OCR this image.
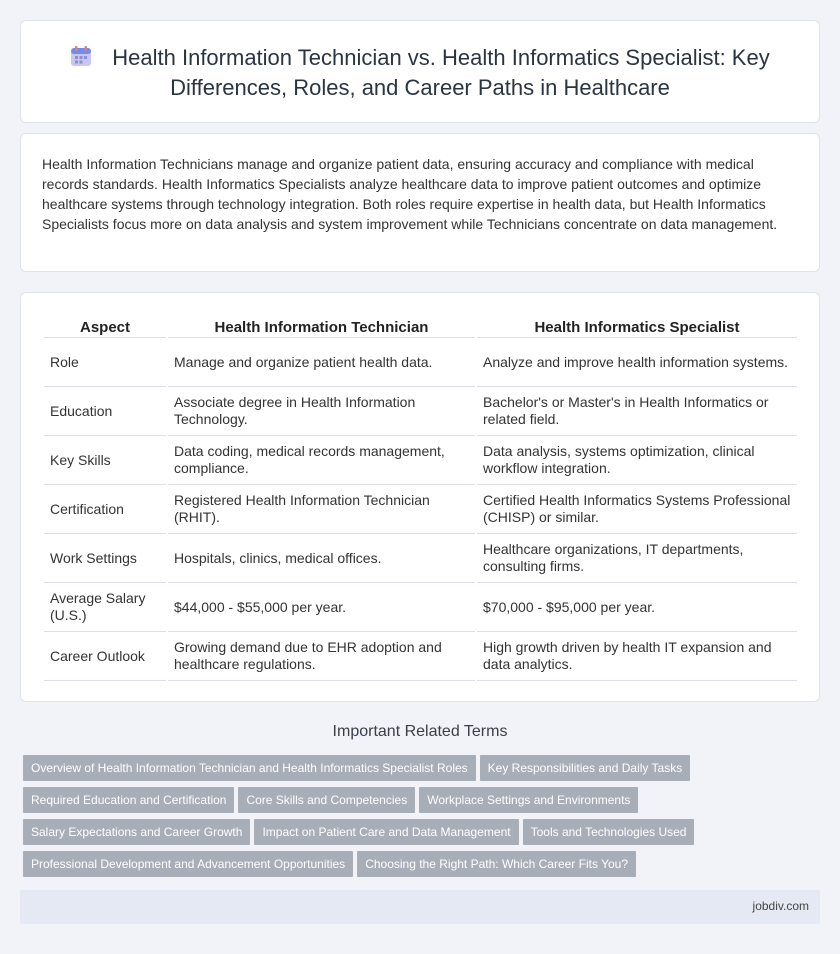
Health Information Technician vs. Health Informatics Specialist: Key Differences, Roles, and Career Paths in Healthcare

Health Information Technicians manage and organize patient data, ensuring accuracy and compliance with medical records standards. Health Informatics Specialists analyze healthcare data to improve patient outcomes and optimize healthcare systems through technology integration. Both roles require expertise in health data, but Health Informatics Specialists focus more on data analysis and system improvement while Technicians concentrate on data management.

Aspect	Health Information Technician	Health Informatics Specialist
Role	Manage and organize patient health data.	Analyze and improve health information systems.
Education	Associate degree in Health Information Technology.	Bachelor's or Master's in Health Informatics or related field.
Key Skills	Data coding, medical records management, compliance.	Data analysis, systems optimization, clinical workflow integration.
Certification	Registered Health Information Technician (RHIT).	Certified Health Informatics Systems Professional (CHISP) or similar.
Work Settings	Hospitals, clinics, medical offices.	Healthcare organizations, IT departments, consulting firms.
Average Salary (U.S.)	$44,000 - $55,000 per year.	$70,000 - $95,000 per year.
Career Outlook	Growing demand due to EHR adoption and healthcare regulations.	High growth driven by health IT expansion and data analytics.
Important Related Terms
Overview of Health Information Technician and Health Informatics Specialist Roles Key Responsibilities and Daily Tasks
Required Education and Certification Core Skills and Competencies Workplace Settings and Environments
Salary Expectations and Career Growth Impact on Patient Care and Data Management Tools and Technologies Used
Professional Development and Advancement Opportunities Choosing the Right Path: Which Career Fits You?
jobdiv.com
